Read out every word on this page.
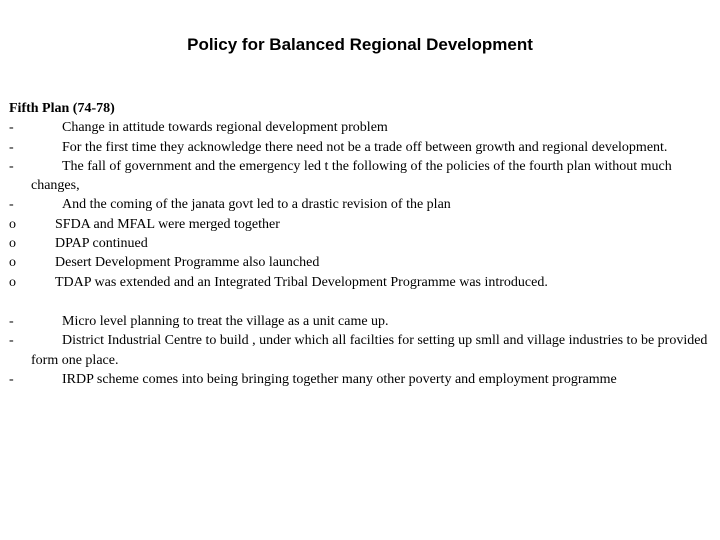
Policy for Balanced Regional Development
Fifth Plan (74-78)
-	Change in attitude towards regional development problem
-	For the first time they acknowledge there need not be a trade off between growth and regional development.
-	The fall of government and the emergency led t the following of the policies of the fourth plan without much changes,
-	And the coming of the janata govt led to a drastic revision of the plan
o	SFDA and MFAL were merged together
o	DPAP continued
o	Desert Development Programme also launched
o	TDAP was extended and an Integrated Tribal Development Programme was introduced.
-	Micro level planning to treat the village as a unit came up.
-	District Industrial Centre to build , under which all facilties for setting up smll and village industries to be provided form one place.
-	IRDP scheme comes into being bringing together many other poverty and employment programme
